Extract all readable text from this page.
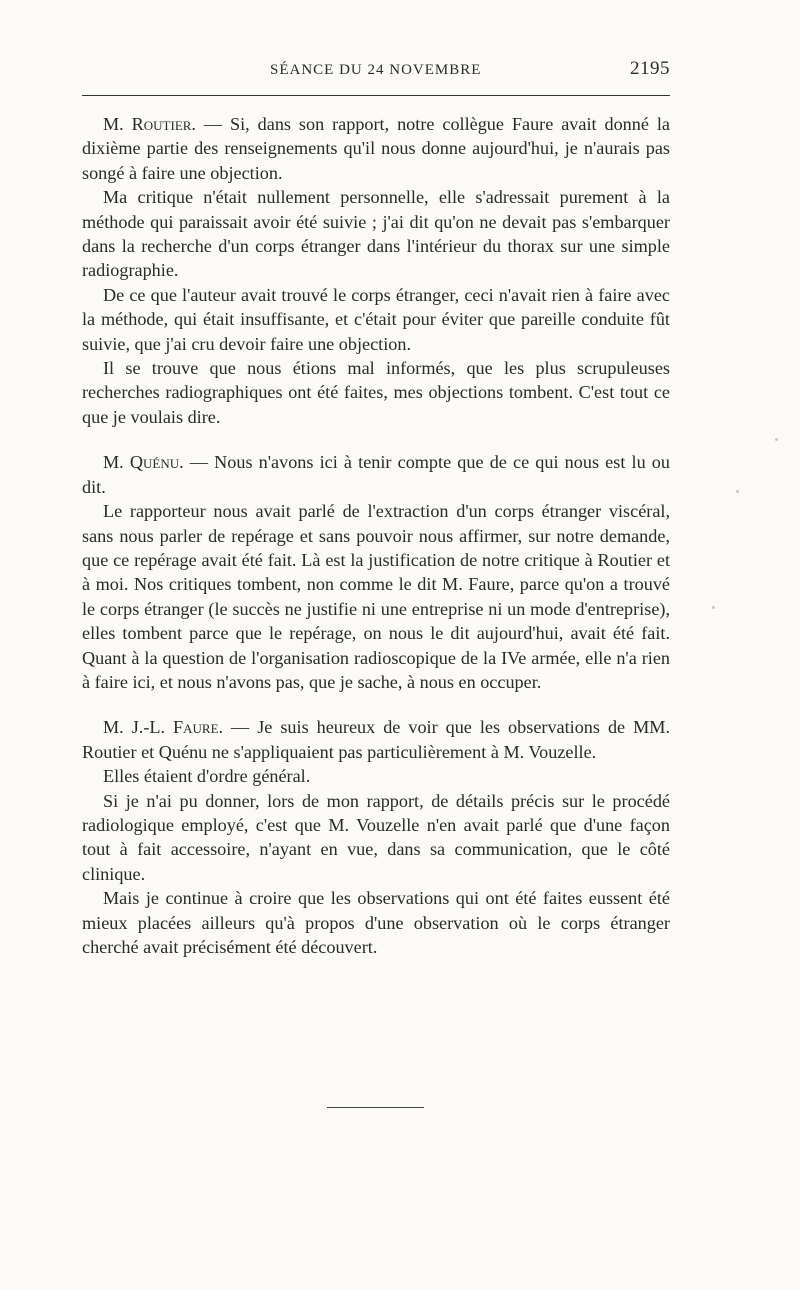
SÉANCE DU 24 NOVEMBRE	2195

M. Routier. — Si, dans son rapport, notre collègue Faure avait donné la dixième partie des renseignements qu'il nous donne aujourd'hui, je n'aurais pas songé à faire une objection.

Ma critique n'était nullement personnelle, elle s'adressait purement à la méthode qui paraissait avoir été suivie ; j'ai dit qu'on ne devait pas s'embarquer dans la recherche d'un corps étranger dans l'intérieur du thorax sur une simple radiographie.

De ce que l'auteur avait trouvé le corps étranger, ceci n'avait rien à faire avec la méthode, qui était insuffisante, et c'était pour éviter que pareille conduite fût suivie, que j'ai cru devoir faire une objection.

Il se trouve que nous étions mal informés, que les plus scrupuleuses recherches radiographiques ont été faites, mes objections tombent. C'est tout ce que je voulais dire.

M. Quénu. — Nous n'avons ici à tenir compte que de ce qui nous est lu ou dit.

Le rapporteur nous avait parlé de l'extraction d'un corps étranger viscéral, sans nous parler de repérage et sans pouvoir nous affirmer, sur notre demande, que ce repérage avait été fait. Là est la justification de notre critique à Routier et à moi. Nos critiques tombent, non comme le dit M. Faure, parce qu'on a trouvé le corps étranger (le succès ne justifie ni une entreprise ni un mode d'entreprise), elles tombent parce que le repérage, on nous le dit aujourd'hui, avait été fait. Quant à la question de l'organisation radioscopique de la IVe armée, elle n'a rien à faire ici, et nous n'avons pas, que je sache, à nous en occuper.

M. J.-L. Faure. — Je suis heureux de voir que les observations de MM. Routier et Quénu ne s'appliquaient pas particulièrement à M. Vouzelle.

Elles étaient d'ordre général.

Si je n'ai pu donner, lors de mon rapport, de détails précis sur le procédé radiologique employé, c'est que M. Vouzelle n'en avait parlé que d'une façon tout à fait accessoire, n'ayant en vue, dans sa communication, que le côté clinique.

Mais je continue à croire que les observations qui ont été faites eussent été mieux placées ailleurs qu'à propos d'une observation où le corps étranger cherché avait précisément été découvert.
